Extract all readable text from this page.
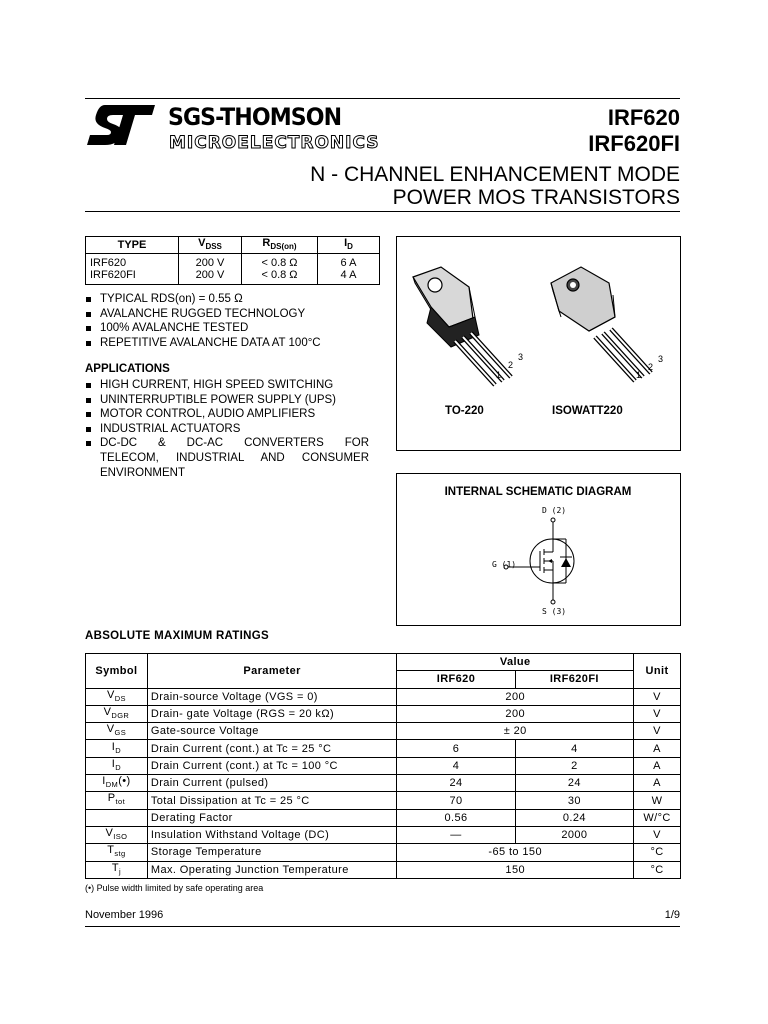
SGS-THOMSON
MICROELECTRONICS
IRF620
IRF620FI
N - CHANNEL ENHANCEMENT MODE
POWER MOS TRANSISTORS
TYPE	$V_{DSS}$	$R_{DS(on)}$	$I_D$
IRF620	200 V	< 0.8 Ω	6 A
IRF620FI	200 V	< 0.8 Ω	4 A
TYPICAL RDS(on) = 0.55 Ω
AVALANCHE RUGGED TECHNOLOGY
100% AVALANCHE TESTED
REPETITIVE AVALANCHE DATA AT 100°C
APPLICATIONS
HIGH CURRENT, HIGH SPEED SWITCHING
UNINTERRUPTIBLE POWER SUPPLY (UPS)
MOTOR CONTROL, AUDIO AMPLIFIERS
INDUSTRIAL ACTUATORS
DC-DC & DC-AC CONVERTERS FOR TELECOM, INDUSTRIAL AND CONSUMER ENVIRONMENT
1
2
3
1
2
3
TO-220	ISOWATT220
INTERNAL SCHEMATIC DIAGRAM
D (2)
G (1)
S (3)
ABSOLUTE MAXIMUM RATINGS
Symbol	Parameter	Value		Unit
		IRF620	IRF620FI	
$V_{DS}$	Drain-source Voltage (VGS = 0)	200		V
$V_{DGR}$	Drain- gate Voltage (RGS = 20 kΩ)	200		V
$V_{GS}$	Gate-source Voltage	± 20		V
$I_D$	Drain Current (cont.) at Tc = 25 °C	6	4	A
$I_D$	Drain Current (cont.) at Tc = 100 °C	4	2	A
$I_{DM}(•)$	Drain Current (pulsed)	24	24	A
$P_{tot}$	Total Dissipation at Tc = 25 °C	70	30	W
	Derating Factor	0.56	0.24	W/°C
$V_{ISO}$	Insulation Withstand Voltage (DC)	—	2000	V
$T_{stg}$	Storage Temperature	-65 to 150		°C
$T_j$	Max. Operating Junction Temperature	150		°C
(•) Pulse width limited by safe operating area
November 1996	1/9
